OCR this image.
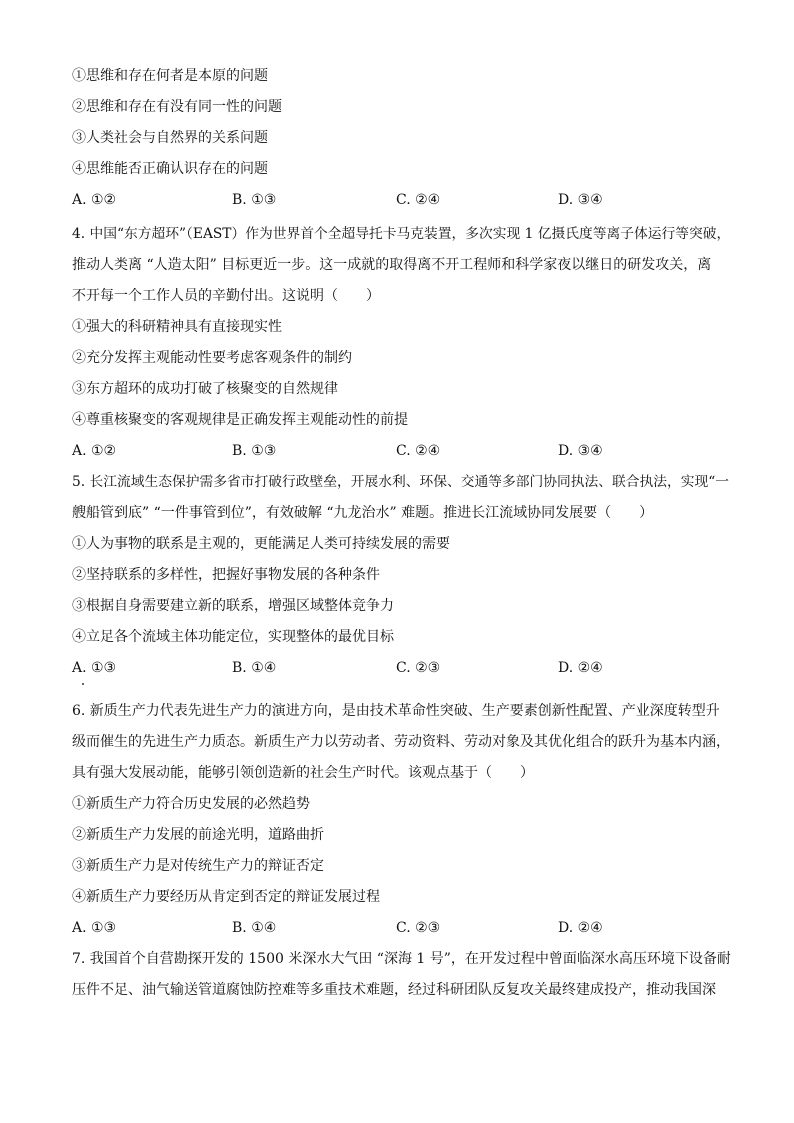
①思维和存在何者是本原的问题
②思维和存在有没有同一性的问题
③人类社会与自然界的关系问题
④思维能否正确认识存在的问题
A. ①②	B. ①③	C. ②④	D. ③④
4. 中国“东方超环”（EAST）作为世界首个全超导托卡马克装置，多次实现 1 亿摄氏度等离子体运行等突破，
推动人类离 “人造太阳” 目标更近一步。这一成就的取得离不开工程师和科学家夜以继日的研发攻关，离
不开每一个工作人员的辛勤付出。这说明（　　）
①强大的科研精神具有直接现实性
②充分发挥主观能动性要考虑客观条件的制约
③东方超环的成功打破了核聚变的自然规律
④尊重核聚变的客观规律是正确发挥主观能动性的前提
A. ①②	B. ①③	C. ②④	D. ③④
5. 长江流域生态保护需多省市打破行政壁垒，开展水利、环保、交通等多部门协同执法、联合执法，实现“一
艘船管到底” “一件事管到位”，有效破解 “九龙治水” 难题。推进长江流域协同发展要（　　）
①人为事物的联系是主观的，更能满足人类可持续发展的需要
②坚持联系的多样性，把握好事物发展的各种条件
③根据自身需要建立新的联系，增强区域整体竞争力
④立足各个流域主体功能定位，实现整体的最优目标
A. ①③	B. ①④	C. ②③	D. ②④
6. 新质生产力代表先进生产力的演进方向，是由技术革命性突破、生产要素创新性配置、产业深度转型升
级而催生的先进生产力质态。新质生产力以劳动者、劳动资料、劳动对象及其优化组合的跃升为基本内涵，
具有强大发展动能，能够引领创造新的社会生产时代。该观点基于（　　）
①新质生产力符合历史发展的必然趋势
②新质生产力发展的前途光明，道路曲折
③新质生产力是对传统生产力的辩证否定
④新质生产力要经历从肯定到否定的辩证发展过程
A. ①③	B. ①④	C. ②③	D. ②④
7. 我国首个自营勘探开发的 1500 米深水大气田 “深海 1 号”，在开发过程中曾面临深水高压环境下设备耐
压件不足、油气输送管道腐蚀防控难等多重技术难题，经过科研团队反复攻关最终建成投产，推动我国深
